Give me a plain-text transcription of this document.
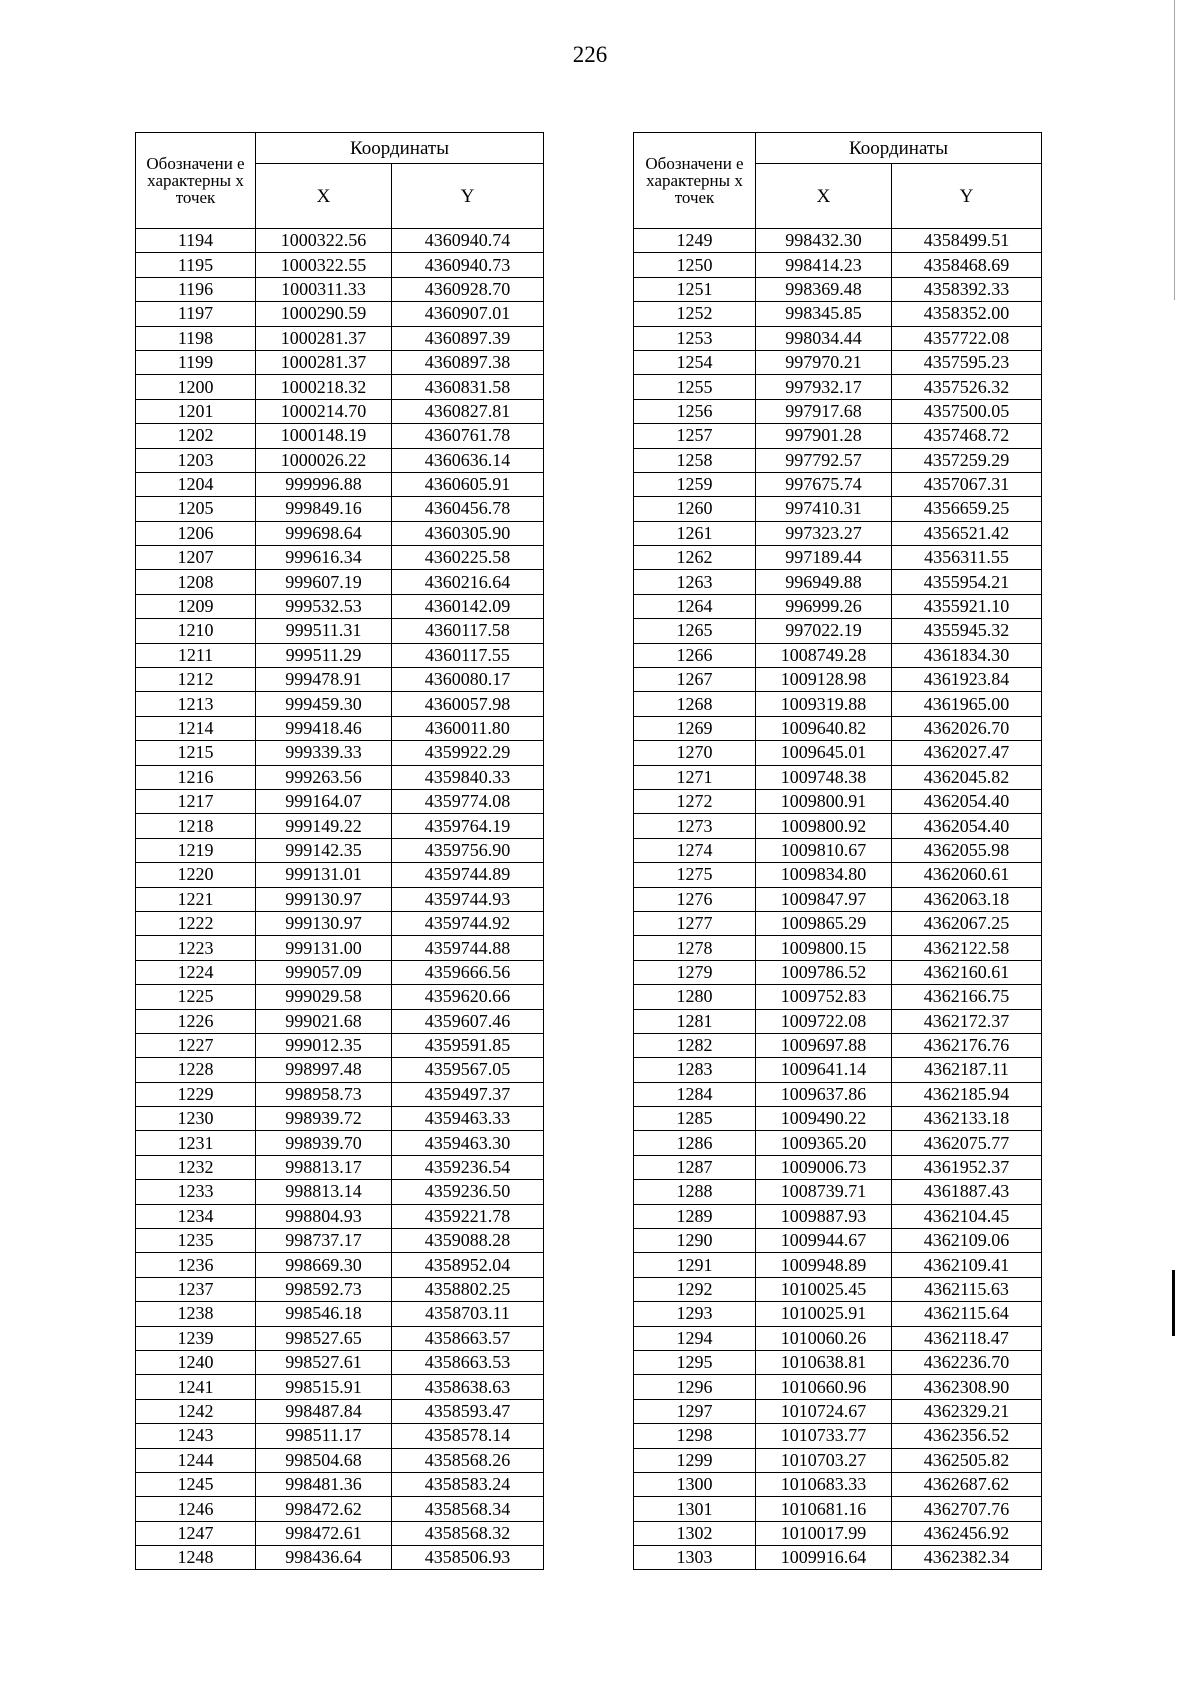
226
Обозначени е характерны х точек	Координаты	
	X	Y
1194	1000322.56	4360940.74
1195	1000322.55	4360940.73
1196	1000311.33	4360928.70
1197	1000290.59	4360907.01
1198	1000281.37	4360897.39
1199	1000281.37	4360897.38
1200	1000218.32	4360831.58
1201	1000214.70	4360827.81
1202	1000148.19	4360761.78
1203	1000026.22	4360636.14
1204	999996.88	4360605.91
1205	999849.16	4360456.78
1206	999698.64	4360305.90
1207	999616.34	4360225.58
1208	999607.19	4360216.64
1209	999532.53	4360142.09
1210	999511.31	4360117.58
1211	999511.29	4360117.55
1212	999478.91	4360080.17
1213	999459.30	4360057.98
1214	999418.46	4360011.80
1215	999339.33	4359922.29
1216	999263.56	4359840.33
1217	999164.07	4359774.08
1218	999149.22	4359764.19
1219	999142.35	4359756.90
1220	999131.01	4359744.89
1221	999130.97	4359744.93
1222	999130.97	4359744.92
1223	999131.00	4359744.88
1224	999057.09	4359666.56
1225	999029.58	4359620.66
1226	999021.68	4359607.46
1227	999012.35	4359591.85
1228	998997.48	4359567.05
1229	998958.73	4359497.37
1230	998939.72	4359463.33
1231	998939.70	4359463.30
1232	998813.17	4359236.54
1233	998813.14	4359236.50
1234	998804.93	4359221.78
1235	998737.17	4359088.28
1236	998669.30	4358952.04
1237	998592.73	4358802.25
1238	998546.18	4358703.11
1239	998527.65	4358663.57
1240	998527.61	4358663.53
1241	998515.91	4358638.63
1242	998487.84	4358593.47
1243	998511.17	4358578.14
1244	998504.68	4358568.26
1245	998481.36	4358583.24
1246	998472.62	4358568.34
1247	998472.61	4358568.32
1248	998436.64	4358506.93
Обозначени е характерны х точек	Координаты	
	X	Y
1249	998432.30	4358499.51
1250	998414.23	4358468.69
1251	998369.48	4358392.33
1252	998345.85	4358352.00
1253	998034.44	4357722.08
1254	997970.21	4357595.23
1255	997932.17	4357526.32
1256	997917.68	4357500.05
1257	997901.28	4357468.72
1258	997792.57	4357259.29
1259	997675.74	4357067.31
1260	997410.31	4356659.25
1261	997323.27	4356521.42
1262	997189.44	4356311.55
1263	996949.88	4355954.21
1264	996999.26	4355921.10
1265	997022.19	4355945.32
1266	1008749.28	4361834.30
1267	1009128.98	4361923.84
1268	1009319.88	4361965.00
1269	1009640.82	4362026.70
1270	1009645.01	4362027.47
1271	1009748.38	4362045.82
1272	1009800.91	4362054.40
1273	1009800.92	4362054.40
1274	1009810.67	4362055.98
1275	1009834.80	4362060.61
1276	1009847.97	4362063.18
1277	1009865.29	4362067.25
1278	1009800.15	4362122.58
1279	1009786.52	4362160.61
1280	1009752.83	4362166.75
1281	1009722.08	4362172.37
1282	1009697.88	4362176.76
1283	1009641.14	4362187.11
1284	1009637.86	4362185.94
1285	1009490.22	4362133.18
1286	1009365.20	4362075.77
1287	1009006.73	4361952.37
1288	1008739.71	4361887.43
1289	1009887.93	4362104.45
1290	1009944.67	4362109.06
1291	1009948.89	4362109.41
1292	1010025.45	4362115.63
1293	1010025.91	4362115.64
1294	1010060.26	4362118.47
1295	1010638.81	4362236.70
1296	1010660.96	4362308.90
1297	1010724.67	4362329.21
1298	1010733.77	4362356.52
1299	1010703.27	4362505.82
1300	1010683.33	4362687.62
1301	1010681.16	4362707.76
1302	1010017.99	4362456.92
1303	1009916.64	4362382.34
